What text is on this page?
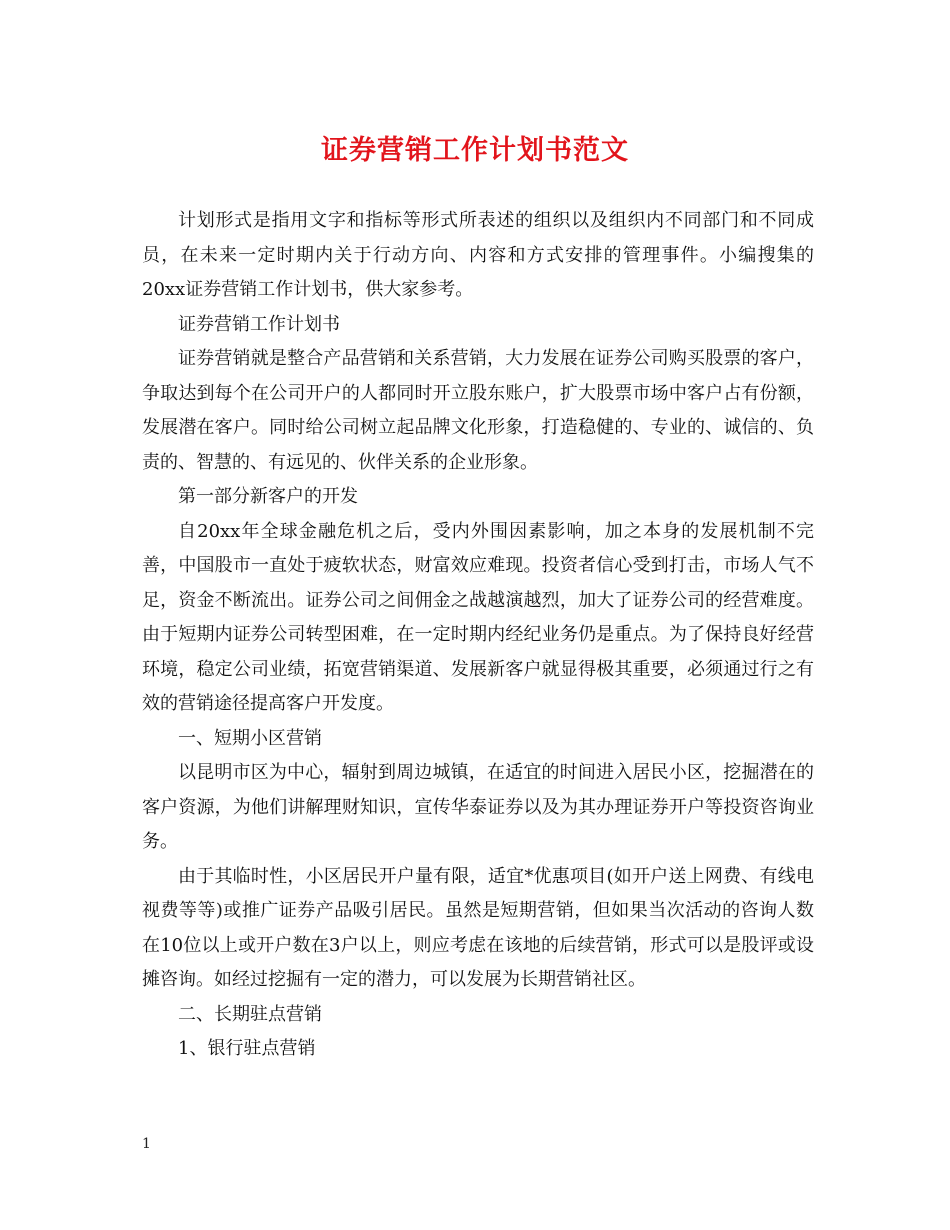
证券营销工作计划书范文

计划形式是指用文字和指标等形式所表述的组织以及组织内不同部门和不同成员，在未来一定时期内关于行动方向、内容和方式安排的管理事件。小编搜集的20xx证券营销工作计划书，供大家参考。

证券营销工作计划书

证券营销就是整合产品营销和关系营销，大力发展在证券公司购买股票的客户，争取达到每个在公司开户的人都同时开立股东账户，扩大股票市场中客户占有份额，发展潜在客户。同时给公司树立起品牌文化形象，打造稳健的、专业的、诚信的、负责的、智慧的、有远见的、伙伴关系的企业形象。

第一部分新客户的开发

自20xx年全球金融危机之后，受内外围因素影响，加之本身的发展机制不完善，中国股市一直处于疲软状态，财富效应难现。投资者信心受到打击，市场人气不足，资金不断流出。证券公司之间佣金之战越演越烈，加大了证券公司的经营难度。由于短期内证券公司转型困难，在一定时期内经纪业务仍是重点。为了保持良好经营环境，稳定公司业绩，拓宽营销渠道、发展新客户就显得极其重要，必须通过行之有效的营销途径提高客户开发度。

一、短期小区营销

以昆明市区为中心，辐射到周边城镇，在适宜的时间进入居民小区，挖掘潜在的客户资源，为他们讲解理财知识，宣传华泰证券以及为其办理证券开户等投资咨询业务。

由于其临时性，小区居民开户量有限，适宜*优惠项目(如开户送上网费、有线电视费等等)或推广证券产品吸引居民。虽然是短期营销，但如果当次活动的咨询人数在10位以上或开户数在3户以上，则应考虑在该地的后续营销，形式可以是股评或设摊咨询。如经过挖掘有一定的潜力，可以发展为长期营销社区。

二、长期驻点营销

1、银行驻点营销

1
